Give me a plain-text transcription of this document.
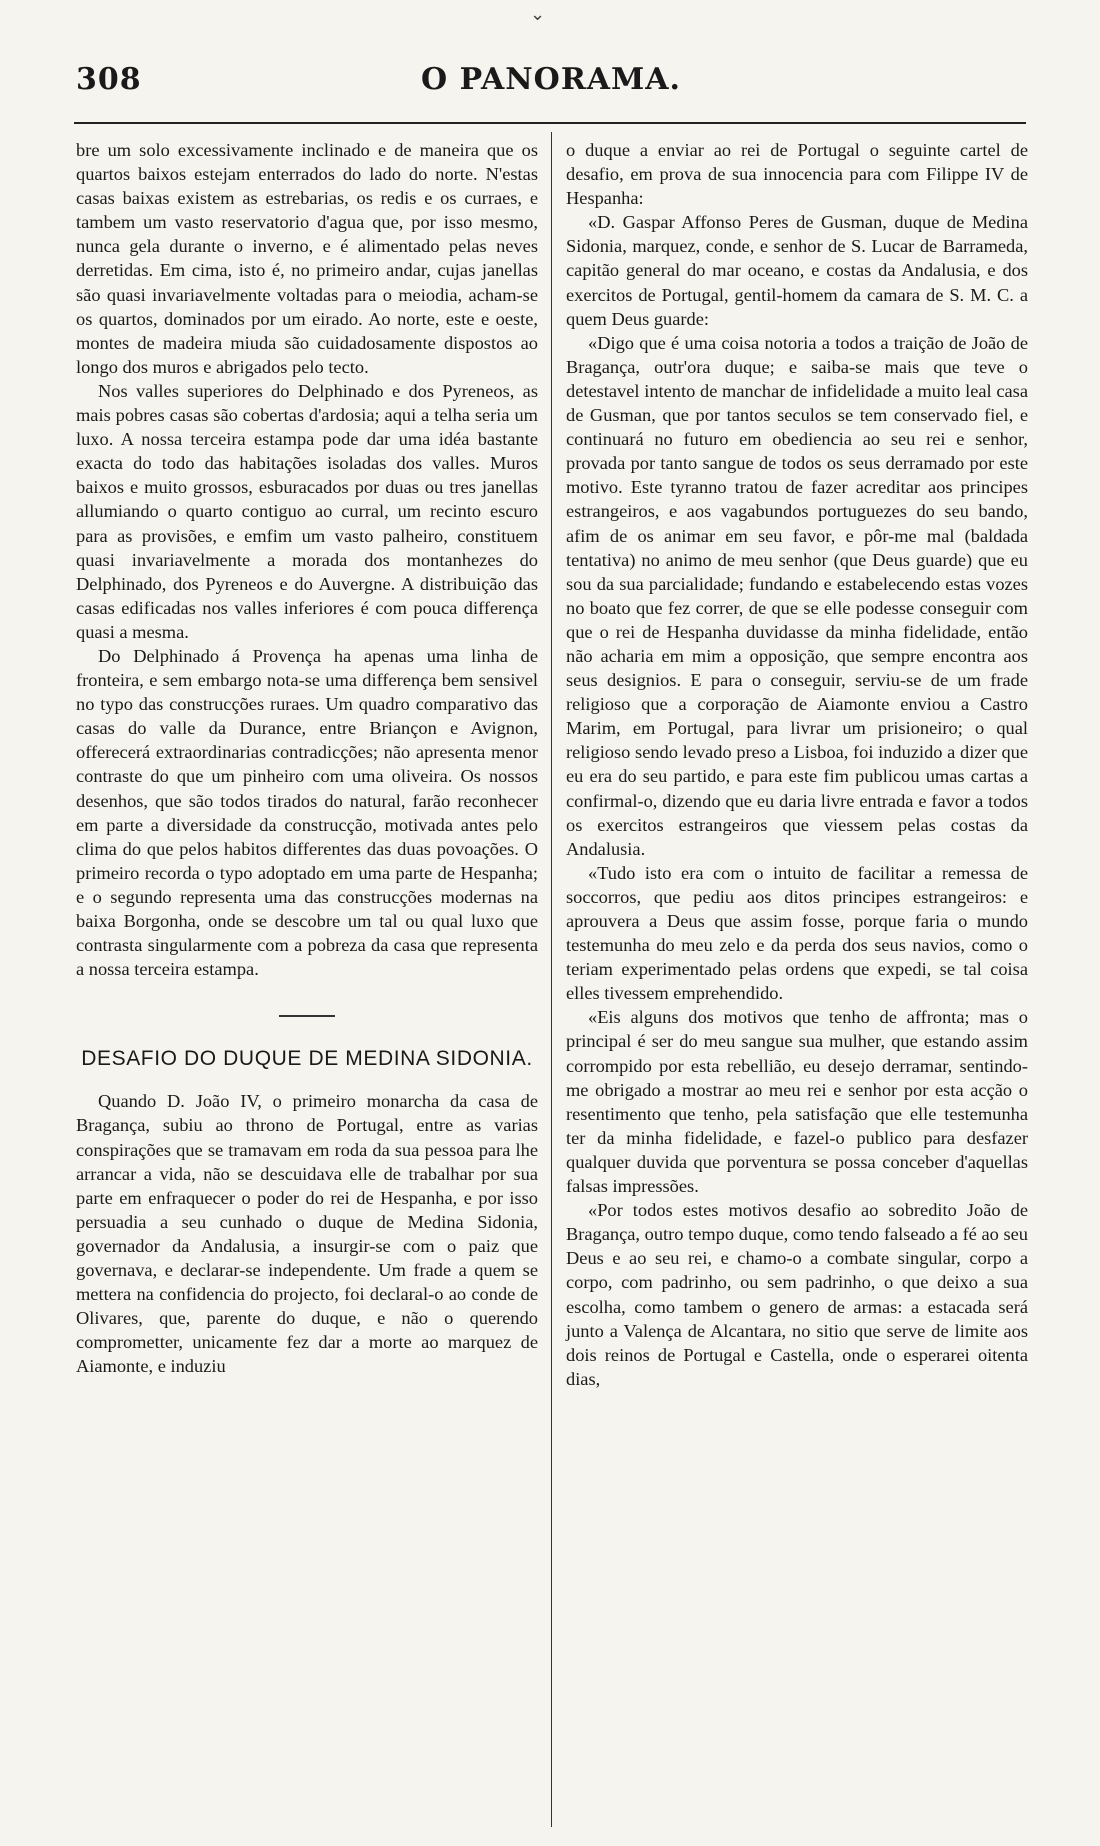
⌄
308	O PANORAMA.

bre um solo excessivamente inclinado e de maneira que os quartos baixos estejam enterrados do lado do norte. N'estas casas baixas existem as estrebarias, os redis e os curraes, e tambem um vasto reservatorio d'agua que, por isso mesmo, nunca gela durante o inverno, e é alimentado pelas neves derretidas. Em cima, isto é, no primeiro andar, cujas janellas são quasi invariavelmente voltadas para o meiodia, acham-se os quartos, dominados por um eirado. Ao norte, este e oeste, montes de madeira miuda são cuidadosamente dispostos ao longo dos muros e abrigados pelo tecto.

Nos valles superiores do Delphinado e dos Pyreneos, as mais pobres casas são cobertas d'ardosia; aqui a telha seria um luxo. A nossa terceira estampa pode dar uma idéa bastante exacta do todo das habitações isoladas dos valles. Muros baixos e muito grossos, esburacados por duas ou tres janellas allumiando o quarto contiguo ao curral, um recinto escuro para as provisões, e emfim um vasto palheiro, constituem quasi invariavelmente a morada dos montanhezes do Delphinado, dos Pyreneos e do Auvergne. A distribuição das casas edificadas nos valles inferiores é com pouca differença quasi a mesma.

Do Delphinado á Provença ha apenas uma linha de fronteira, e sem embargo nota-se uma differença bem sensivel no typo das construcções ruraes. Um quadro comparativo das casas do valle da Durance, entre Briançon e Avignon, offerecerá extraordinarias contradicções; não apresenta menor contraste do que um pinheiro com uma oliveira. Os nossos desenhos, que são todos tirados do natural, farão reconhecer em parte a diversidade da construcção, motivada antes pelo clima do que pelos habitos differentes das duas povoações. O primeiro recorda o typo adoptado em uma parte de Hespanha; e o segundo representa uma das construcções modernas na baixa Borgonha, onde se descobre um tal ou qual luxo que contrasta singularmente com a pobreza da casa que representa a nossa terceira estampa.

DESAFIO DO DUQUE DE MEDINA SIDONIA.

Quando D. João IV, o primeiro monarcha da casa de Bragança, subiu ao throno de Portugal, entre as varias conspirações que se tramavam em roda da sua pessoa para lhe arrancar a vida, não se descuidava elle de trabalhar por sua parte em enfraquecer o poder do rei de Hespanha, e por isso persuadia a seu cunhado o duque de Medina Sidonia, governador da Andalusia, a insurgir-se com o paiz que governava, e declarar-se independente. Um frade a quem se mettera na confidencia do projecto, foi declaral-o ao conde de Olivares, que, parente do duque, e não o querendo comprometter, unicamente fez dar a morte ao marquez de Aiamonte, e induziu

o duque a enviar ao rei de Portugal o seguinte cartel de desafio, em prova de sua innocencia para com Filippe IV de Hespanha:

«D. Gaspar Affonso Peres de Gusman, duque de Medina Sidonia, marquez, conde, e senhor de S. Lucar de Barrameda, capitão general do mar oceano, e costas da Andalusia, e dos exercitos de Portugal, gentil-homem da camara de S. M. C. a quem Deus guarde:

«Digo que é uma coisa notoria a todos a traição de João de Bragança, outr'ora duque; e saiba-se mais que teve o detestavel intento de manchar de infidelidade a muito leal casa de Gusman, que por tantos seculos se tem conservado fiel, e continuará no futuro em obediencia ao seu rei e senhor, provada por tanto sangue de todos os seus derramado por este motivo. Este tyranno tratou de fazer acreditar aos principes estrangeiros, e aos vagabundos portuguezes do seu bando, afim de os animar em seu favor, e pôr-me mal (baldada tentativa) no animo de meu senhor (que Deus guarde) que eu sou da sua parcialidade; fundando e estabelecendo estas vozes no boato que fez correr, de que se elle podesse conseguir com que o rei de Hespanha duvidasse da minha fidelidade, então não acharia em mim a opposição, que sempre encontra aos seus designios. E para o conseguir, serviu-se de um frade religioso que a corporação de Aiamonte enviou a Castro Marim, em Portugal, para livrar um prisioneiro; o qual religioso sendo levado preso a Lisboa, foi induzido a dizer que eu era do seu partido, e para este fim publicou umas cartas a confirmal-o, dizendo que eu daria livre entrada e favor a todos os exercitos estrangeiros que viessem pelas costas da Andalusia.

«Tudo isto era com o intuito de facilitar a remessa de soccorros, que pediu aos ditos principes estrangeiros: e aprouvera a Deus que assim fosse, porque faria o mundo testemunha do meu zelo e da perda dos seus navios, como o teriam experimentado pelas ordens que expedi, se tal coisa elles tivessem emprehendido.

«Eis alguns dos motivos que tenho de affronta; mas o principal é ser do meu sangue sua mulher, que estando assim corrompido por esta rebellião, eu desejo derramar, sentindo-me obrigado a mostrar ao meu rei e senhor por esta acção o resentimento que tenho, pela satisfação que elle testemunha ter da minha fidelidade, e fazel-o publico para desfazer qualquer duvida que porventura se possa conceber d'aquellas falsas impressões.

«Por todos estes motivos desafio ao sobredito João de Bragança, outro tempo duque, como tendo falseado a fé ao seu Deus e ao seu rei, e chamo-o a combate singular, corpo a corpo, com padrinho, ou sem padrinho, o que deixo a sua escolha, como tambem o genero de armas: a estacada será junto a Valença de Alcantara, no sitio que serve de limite aos dois reinos de Portugal e Castella, onde o esperarei oitenta dias,
